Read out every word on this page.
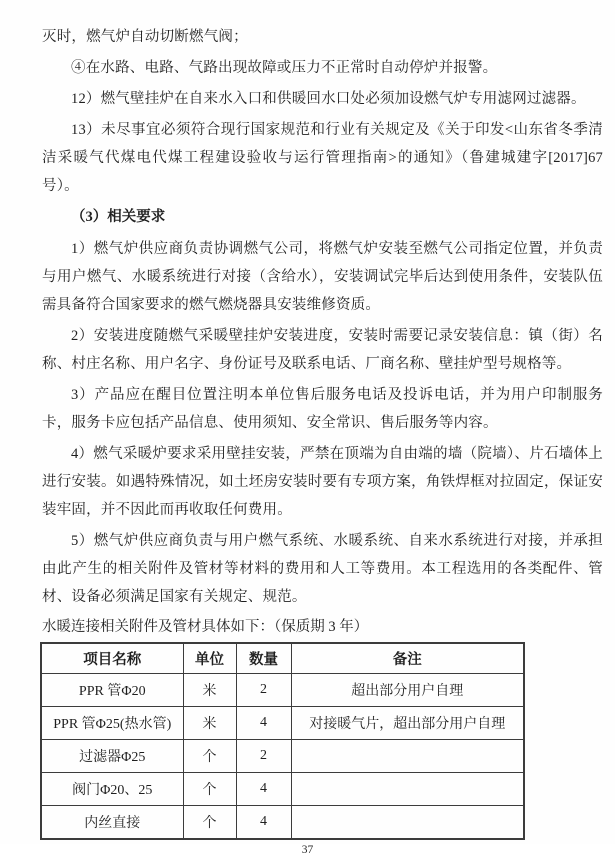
灭时，燃气炉自动切断燃气阀；

④在水路、电路、气路出现故障或压力不正常时自动停炉并报警。

12）燃气壁挂炉在自来水入口和供暖回水口处必须加设燃气炉专用滤网过滤器。

13）未尽事宜必须符合现行国家规范和行业有关规定及《关于印发<山东省冬季清洁采暖气代煤电代煤工程建设验收与运行管理指南>的通知》（鲁建城建字[2017]67 号）。

（3）相关要求

1）燃气炉供应商负责协调燃气公司，将燃气炉安装至燃气公司指定位置，并负责与用户燃气、水暖系统进行对接（含给水），安装调试完毕后达到使用条件，安装队伍需具备符合国家要求的燃气燃烧器具安装维修资质。

2）安装进度随燃气采暖壁挂炉安装进度，安装时需要记录安装信息：镇（街）名称、村庄名称、用户名字、身份证号及联系电话、厂商名称、壁挂炉型号规格等。

3）产品应在醒目位置注明本单位售后服务电话及投诉电话，并为用户印制服务卡，服务卡应包括产品信息、使用须知、安全常识、售后服务等内容。

4）燃气采暖炉要求采用壁挂安装，严禁在顶端为自由端的墙（院墙）、片石墙体上进行安装。如遇特殊情况，如土坯房安装时要有专项方案，角铁焊框对拉固定，保证安装牢固，并不因此而再收取任何费用。

5）燃气炉供应商负责与用户燃气系统、水暖系统、自来水系统进行对接，并承担由此产生的相关附件及管材等材料的费用和人工等费用。本工程选用的各类配件、管材、设备必须满足国家有关规定、规范。

水暖连接相关附件及管材具体如下：（保质期 3 年）

项目名称	单位	数量	备注
PPR 管Φ20	米	2	超出部分用户自理
PPR 管Φ25(热水管)	米	4	对接暖气片，超出部分用户自理
过滤器Φ25	个	2	
阀门Φ20、25	个	4	
内丝直接	个	4	
37
